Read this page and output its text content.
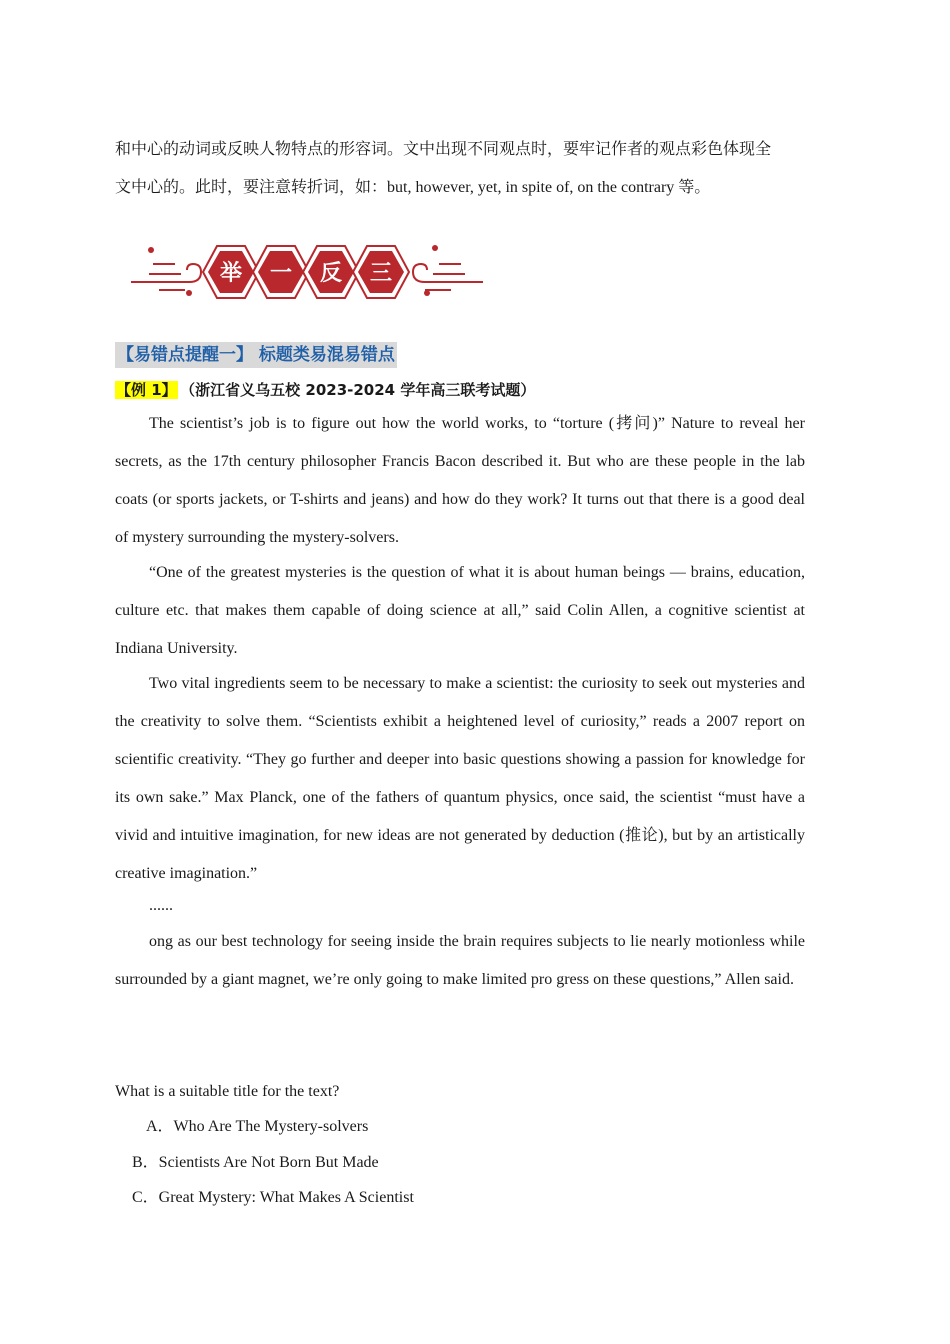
和中心的动词或反映人物特点的形容词。文中出现不同观点时，要牢记作者的观点彩色体现全

文中心的。此时，要注意转折词，如：but, however, yet, in spite of, on the contrary 等。

举 一 反 三
【易错点提醒一】 标题类易混易错点
【例 1】 （浙江省义乌五校 2023-2024 学年高三联考试题）

The scientist’s job is to figure out how the world works, to “torture (拷问)” Nature to reveal her secrets, as the 17th century philosopher Francis Bacon described it. But who are these people in the lab coats (or sports jackets, or T-shirts and jeans) and how do they work? It turns out that there is a good deal of mystery surrounding the mystery-solvers.

“One of the greatest mysteries is the question of what it is about human beings — brains, education, culture etc. that makes them capable of doing science at all,” said Colin Allen, a cognitive scientist at Indiana University.

Two vital ingredients seem to be necessary to make a scientist: the curiosity to seek out mysteries and the creativity to solve them. “Scientists exhibit a heightened level of curiosity,” reads a 2007 report on scientific creativity. “They go further and deeper into basic questions showing a passion for knowledge for its own sake.” Max Planck, one of the fathers of quantum physics, once said, the scientist “must have a vivid and intuitive imagination, for new ideas are not generated by deduction (推论), but by an artistically creative imagination.”

......

ong as our best technology for seeing inside the brain requires subjects to lie nearly motionless while surrounded by a giant magnet, we’re only going to make limited pro gress on these questions,” Allen said.

What is a suitable title for the text?
A．Who Are The Mystery-solvers
B．Scientists Are Not Born But Made
C．Great Mystery: What Makes A Scientist
